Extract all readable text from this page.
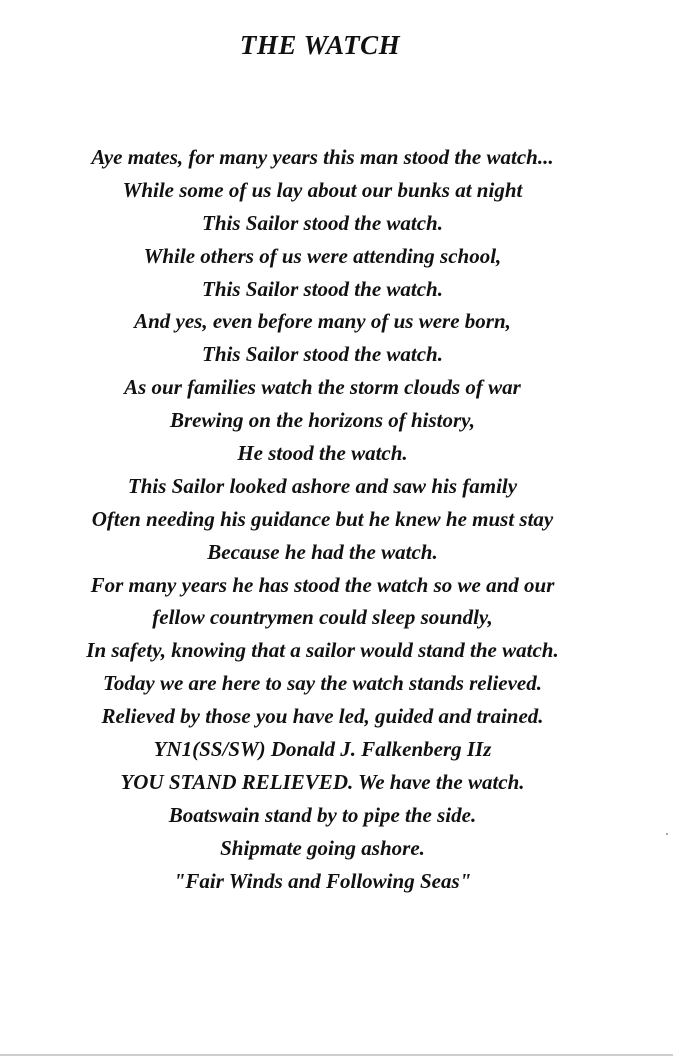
THE WATCH
Aye mates, for many years this man stood the watch...
While some of us lay about our bunks at night
This Sailor stood the watch.
While others of us were attending school,
This Sailor stood the watch.
And yes, even before many of us were born,
This Sailor stood the watch.
As our families watch the storm clouds of war
Brewing on the horizons of history,
He stood the watch.
This Sailor looked ashore and saw his family
Often needing his guidance but he knew he must stay
Because he had the watch.
For many years he has stood the watch so we and our
fellow countrymen could sleep soundly,
In safety, knowing that a sailor would stand the watch.
Today we are here to say the watch stands relieved.
Relieved by those you have led, guided and trained.
YN1(SS/SW) Donald J. Falkenberg IIz
YOU STAND RELIEVED. We have the watch.
Boatswain stand by to pipe the side.
Shipmate going ashore.
"Fair Winds and Following Seas"
